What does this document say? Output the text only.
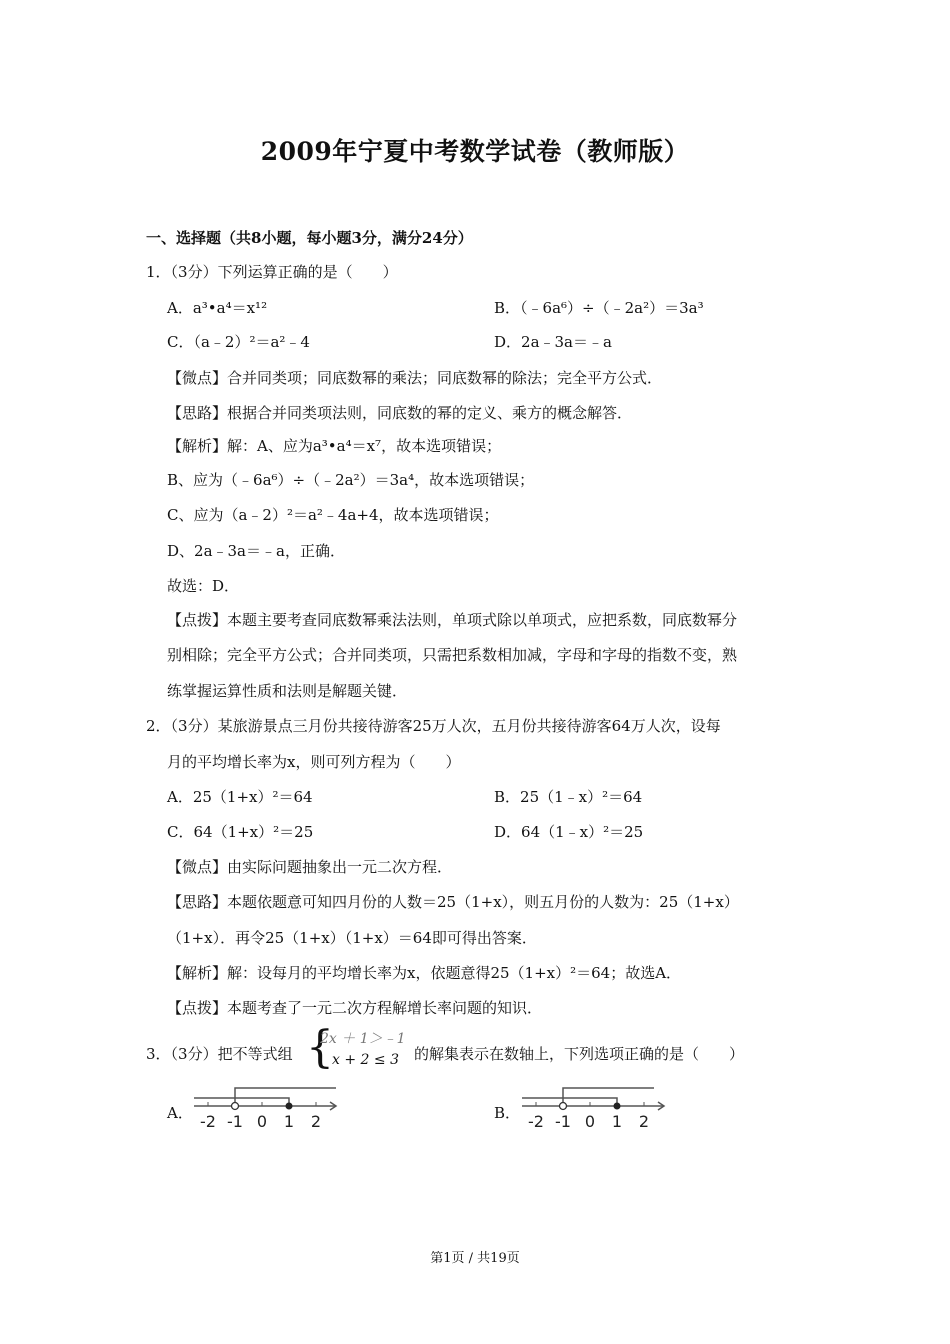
2009年宁夏中考数学试卷（教师版）
一、选择题（共8小题，每小题3分，满分24分）
1．（3分）下列运算正确的是（　　）
A．a³•a⁴＝x¹²	B．（﹣6a⁶）÷（﹣2a²）＝3a³
C．（a﹣2）²＝a²﹣4	D．2a﹣3a＝﹣a
【微点】合并同类项；同底数幂的乘法；同底数幂的除法；完全平方公式．
【思路】根据合并同类项法则，同底数的幂的定义、乘方的概念解答．
【解析】解：A、应为a³•a⁴＝x⁷，故本选项错误；
B、应为（﹣6a⁶）÷（﹣2a²）＝3a⁴，故本选项错误；
C、应为（a﹣2）²＝a²﹣4a+4，故本选项错误；
D、2a﹣3a＝﹣a，正确．
故选：D．
【点拨】本题主要考查同底数幂乘法法则，单项式除以单项式，应把系数，同底数幂分
别相除；完全平方公式；合并同类项，只需把系数相加减，字母和字母的指数不变，熟
练掌握运算性质和法则是解题关键．
2．（3分）某旅游景点三月份共接待游客25万人次，五月份共接待游客64万人次，设每
月的平均增长率为x，则可列方程为（　　）
A．25（1+x）²＝64	B．25（1﹣x）²＝64
C．64（1+x）²＝25	D．64（1﹣x）²＝25
【微点】由实际问题抽象出一元二次方程．
【思路】本题依题意可知四月份的人数＝25（1+x），则五月份的人数为：25（1+x）
（1+x）．再令25（1+x）（1+x）＝64即可得出答案．
【解析】解：设每月的平均增长率为x，依题意得25（1+x）²＝64；故选A．
【点拨】本题考查了一元二次方程解增长率问题的知识．
3．（3分）把不等式组 {
2x ＋ 1＞﹣1
x + 2 ≤ 3 的解集表示在数轴上，下列选项正确的是（　　）
A． -2 -1 0 1 2	B． -2 -1 0 1 2
第1页 / 共19页
